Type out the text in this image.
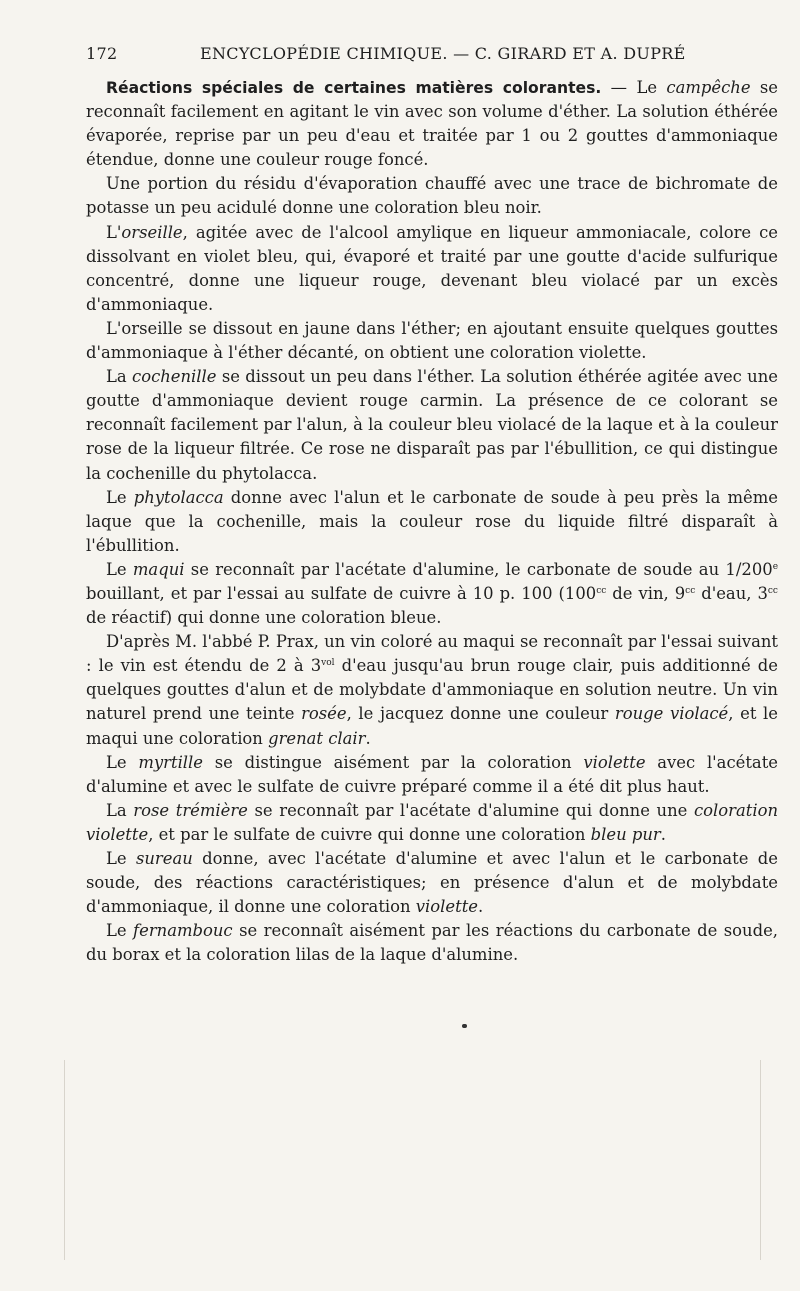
172	ENCYCLOPÉDIE CHIMIQUE. — C. GIRARD ET A. DUPRÉ

Réactions spéciales de certaines matières colorantes. — Le campêche se reconnaît facilement en agitant le vin avec son volume d'éther. La solution éthérée évaporée, reprise par un peu d'eau et traitée par 1 ou 2 gouttes d'ammoniaque étendue, donne une couleur rouge foncé.

Une portion du résidu d'évaporation chauffé avec une trace de bichromate de potasse un peu acidulé donne une coloration bleu noir.

L'orseille, agitée avec de l'alcool amylique en liqueur ammoniacale, colore ce dissolvant en violet bleu, qui, évaporé et traité par une goutte d'acide sulfurique concentré, donne une liqueur rouge, devenant bleu violacé par un excès d'ammoniaque.

L'orseille se dissout en jaune dans l'éther; en ajoutant ensuite quelques gouttes d'ammoniaque à l'éther décanté, on obtient une coloration violette.

La cochenille se dissout un peu dans l'éther. La solution éthérée agitée avec une goutte d'ammoniaque devient rouge carmin. La présence de ce colorant se reconnaît facilement par l'alun, à la couleur bleu violacé de la laque et à la couleur rose de la liqueur filtrée. Ce rose ne disparaît pas par l'ébullition, ce qui distingue la cochenille du phytolacca.

Le phytolacca donne avec l'alun et le carbonate de soude à peu près la même laque que la cochenille, mais la couleur rose du liquide filtré disparaît à l'ébullition.

Le maqui se reconnaît par l'acétate d'alumine, le carbonate de soude au 1/200e bouillant, et par l'essai au sulfate de cuivre à 10 p. 100 ($100^{cc}$ de vin, $9^{cc}$ d'eau, $3^{cc}$ de réactif) qui donne une coloration bleue.

D'après M. l'abbé P. Prax, un vin coloré au maqui se reconnaît par l'essai suivant : le vin est étendu de 2 à $3^{vol}$ d'eau jusqu'au brun rouge clair, puis additionné de quelques gouttes d'alun et de molybdate d'ammoniaque en solution neutre. Un vin naturel prend une teinte rosée, le jacquez donne une couleur rouge violacé, et le maqui une coloration grenat clair.

Le myrtille se distingue aisément par la coloration violette avec l'acétate d'alumine et avec le sulfate de cuivre préparé comme il a été dit plus haut.

La rose trémière se reconnaît par l'acétate d'alumine qui donne une coloration violette, et par le sulfate de cuivre qui donne une coloration bleu pur.

Le sureau donne, avec l'acétate d'alumine et avec l'alun et le carbonate de soude, des réactions caractéristiques; en présence d'alun et de molybdate d'ammoniaque, il donne une coloration violette.

Le fernambouc se reconnaît aisément par les réactions du carbonate de soude, du borax et la coloration lilas de la laque d'alumine.
